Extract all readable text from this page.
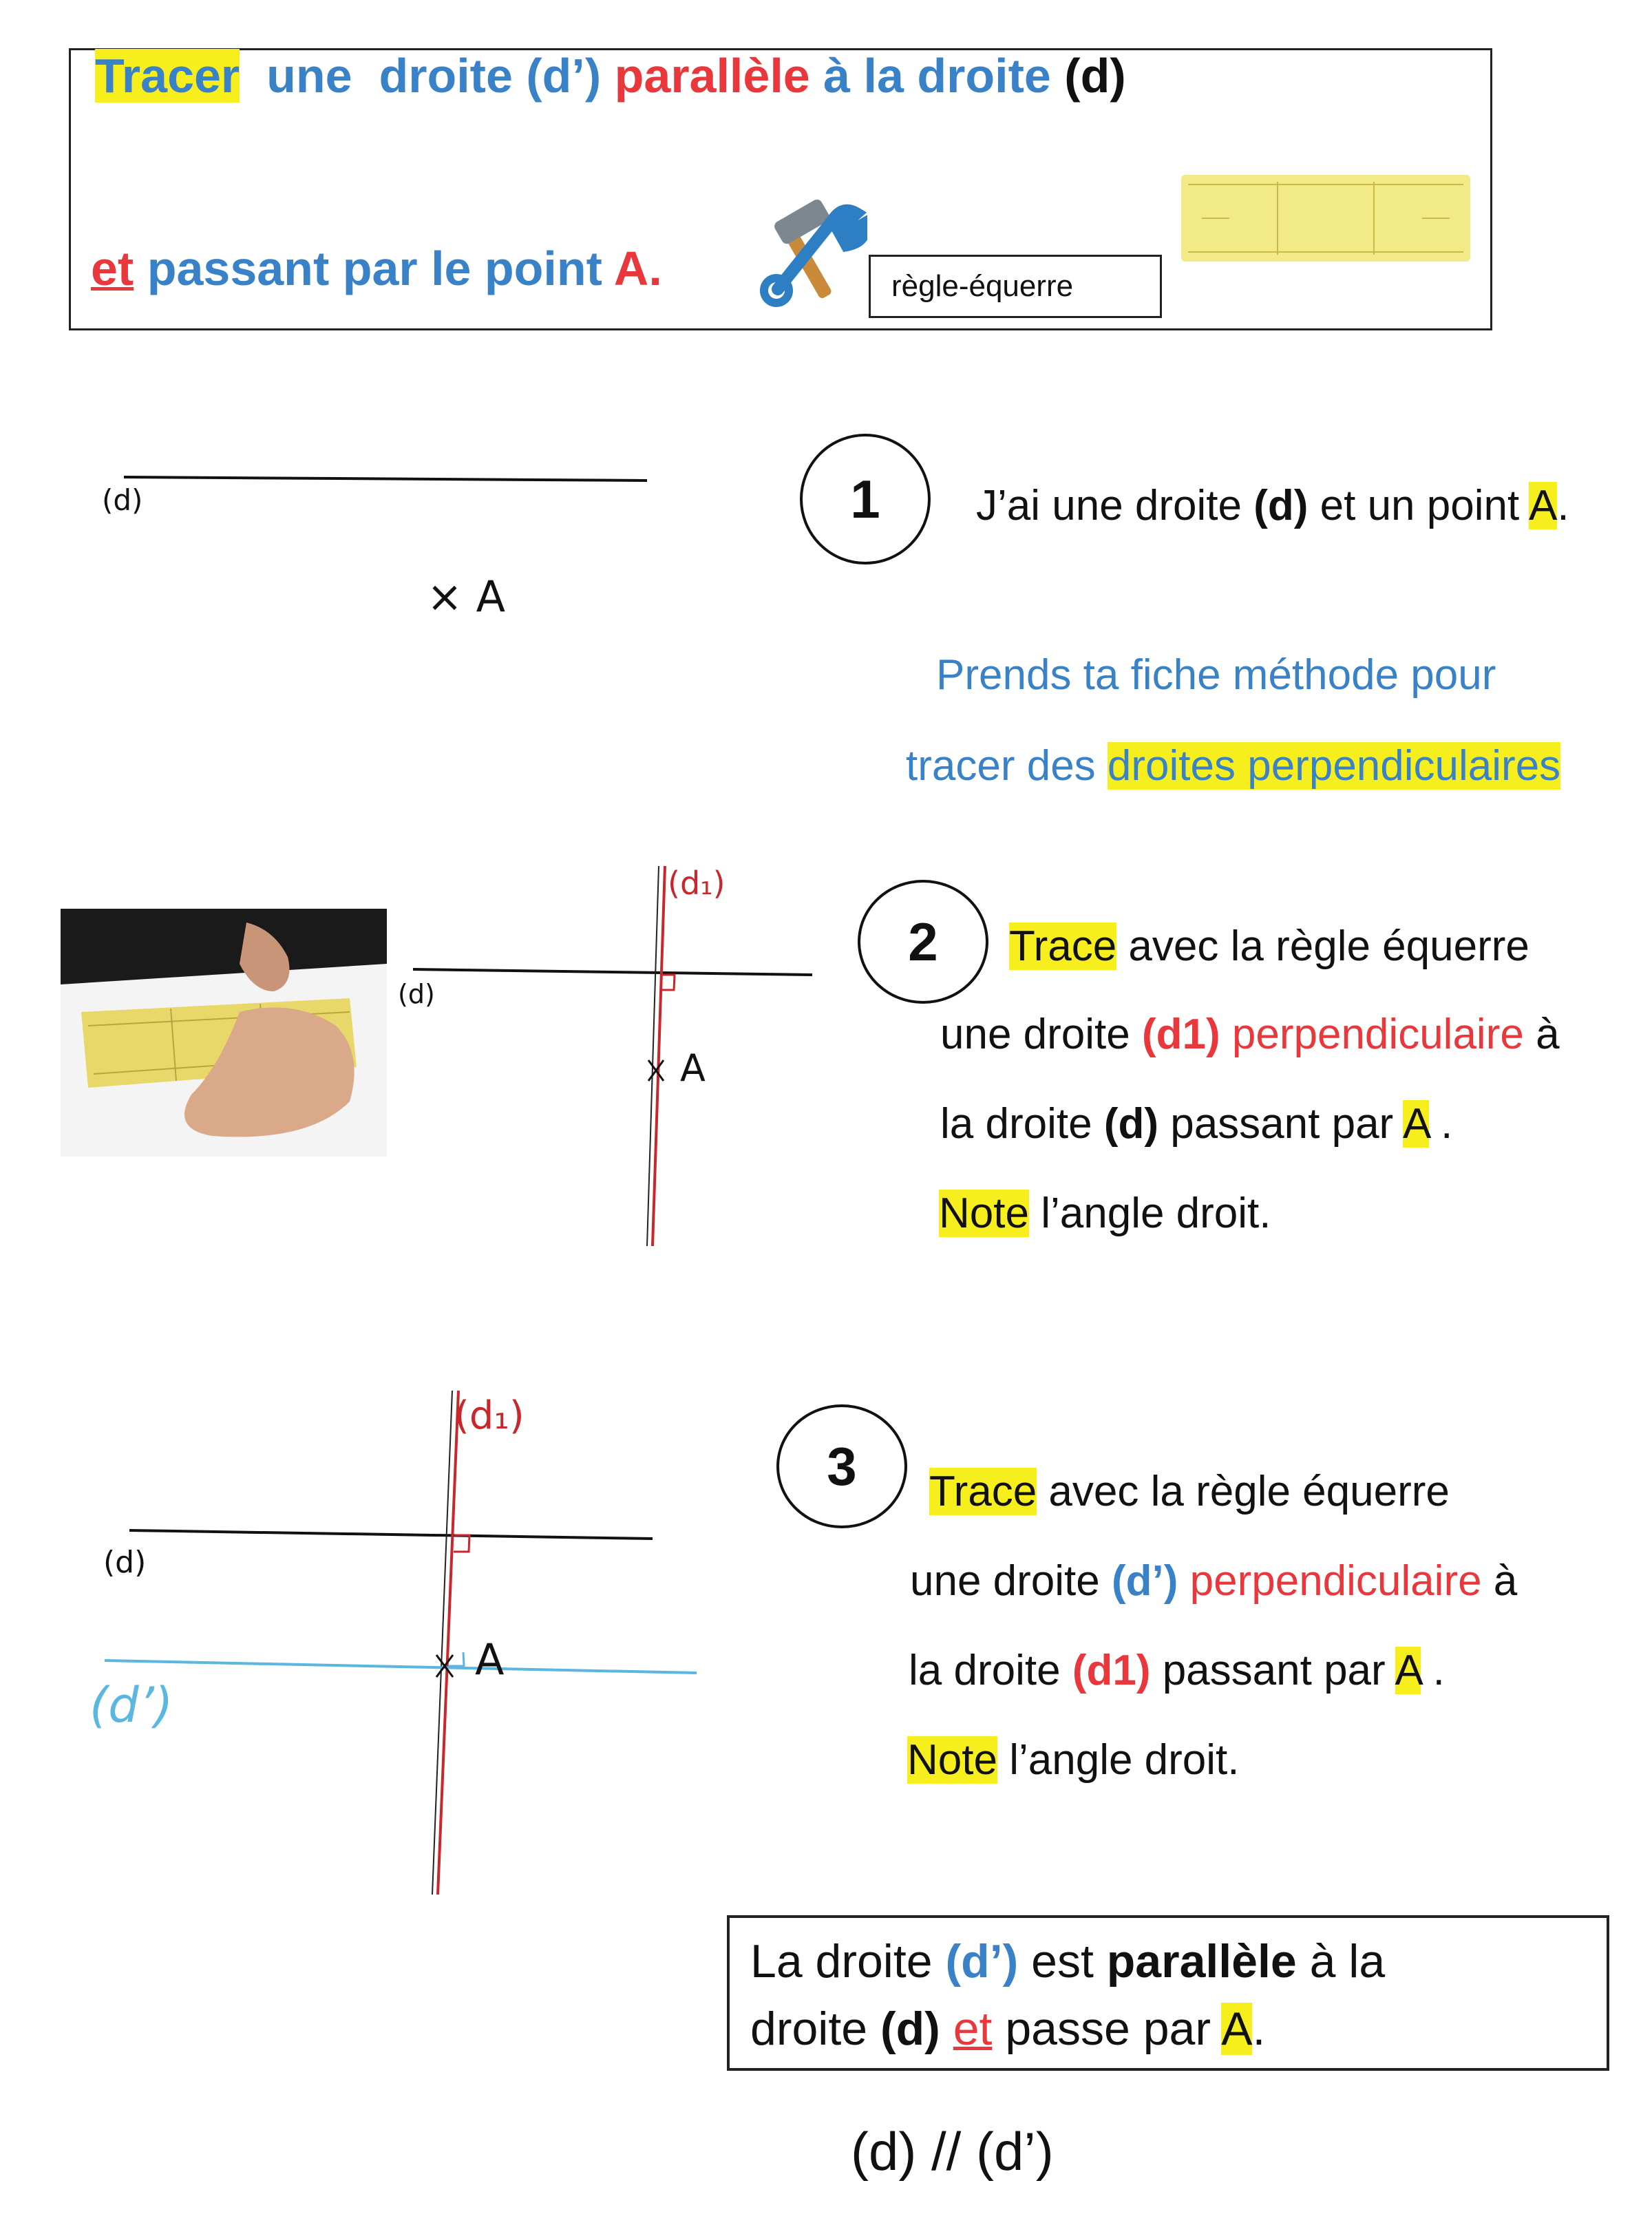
Tracer une droite (d’) parallèle à la droite (d)
et passant par le point A.	règle-équerre
(d)
× A
1	J’ai une droite (d) et un point A.
Prends ta fiche méthode pour
tracer des droites perpendiculaires
(d)
(d₁)
A
2	Trace avec la règle équerre
une droite (d1) perpendiculaire à
la droite (d) passant par A .
Note l’angle droit.
(d)
(d₁)
(d’)
A
3	Trace avec la règle équerre
une droite (d’) perpendiculaire à
la droite (d1) passant par A .
Note l’angle droit.
La droite (d’) est parallèle à la
droite (d) et passe par A.
(d) // (d’)
